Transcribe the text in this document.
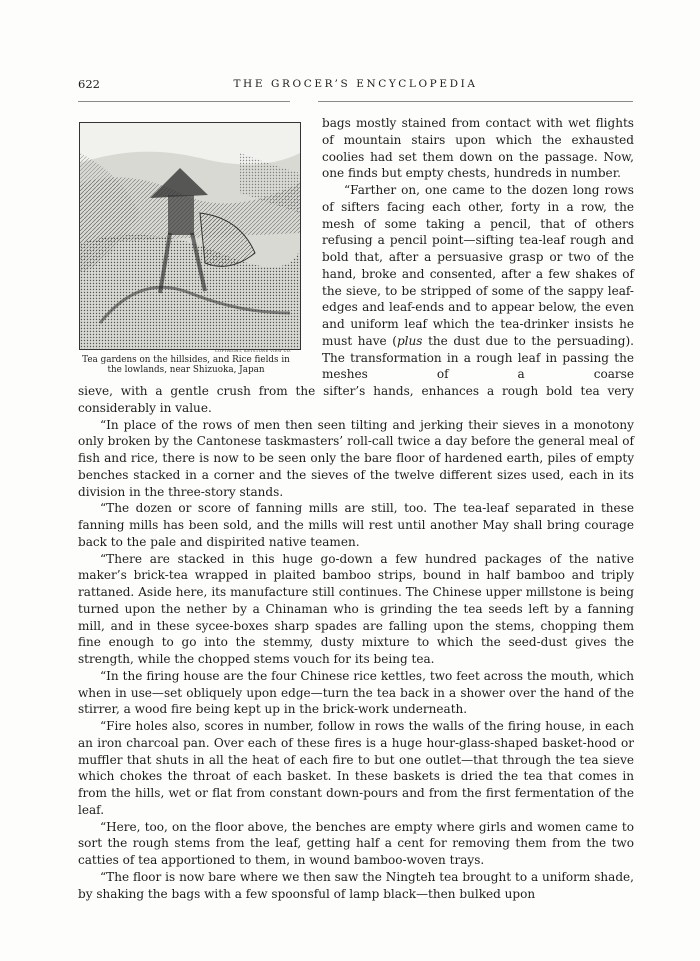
622	THE GROCER’S ENCYCLOPEDIA
COPYRIGHT, KEYSTONE VIEW CO.
Tea gardens on the hillsides, and Rice fields in the lowlands, near Shizuoka, Japan

bags mostly stained from contact with wet flights of mountain stairs upon which the exhausted coolies had set them down on the passage. Now, one finds but empty chests, hundreds in number.

“Farther on, one came to the dozen long rows of sifters facing each other, forty in a row, the mesh of some taking a pencil, that of others refusing a pencil point—sifting tea-leaf rough and bold that, after a persuasive grasp or two of the hand, broke and consented, after a few shakes of the sieve, to be stripped of some of the sappy leaf-edges and leaf-ends and to appear below, the even and uniform leaf which the tea-drinker insists he must have (plus the dust due to the persuading). The transformation in a rough leaf in passing the meshes of a coarse

sieve, with a gentle crush from the sifter’s hands, enhances a rough bold tea very considerably in value.

“In place of the rows of men then seen tilting and jerking their sieves in a monotony only broken by the Cantonese taskmasters’ roll-call twice a day before the general meal of fish and rice, there is now to be seen only the bare floor of hardened earth, piles of empty benches stacked in a corner and the sieves of the twelve different sizes used, each in its division in the three-story stands.

“The dozen or score of fanning mills are still, too. The tea-leaf separated in these fanning mills has been sold, and the mills will rest until another May shall bring courage back to the pale and dispirited native teamen.

“There are stacked in this huge go-down a few hundred packages of the native maker’s brick-tea wrapped in plaited bamboo strips, bound in half bamboo and triply rattaned. Aside here, its manufacture still continues. The Chinese upper millstone is being turned upon the nether by a Chinaman who is grinding the tea seeds left by a fanning mill, and in these sycee-boxes sharp spades are falling upon the stems, chopping them fine enough to go into the stemmy, dusty mixture to which the seed-dust gives the strength, while the chopped stems vouch for its being tea.

“In the firing house are the four Chinese rice kettles, two feet across the mouth, which when in use—set obliquely upon edge—turn the tea back in a shower over the hand of the stirrer, a wood fire being kept up in the brick-work underneath.

“Fire holes also, scores in number, follow in rows the walls of the firing house, in each an iron charcoal pan. Over each of these fires is a huge hour-glass-shaped basket-hood or muffler that shuts in all the heat of each fire to but one outlet—that through the tea sieve which chokes the throat of each basket. In these baskets is dried the tea that comes in from the hills, wet or flat from constant down-pours and from the first fermentation of the leaf.

“Here, too, on the floor above, the benches are empty where girls and women came to sort the rough stems from the leaf, getting half a cent for removing them from the two catties of tea apportioned to them, in wound bamboo-woven trays.

“The floor is now bare where we then saw the Ningteh tea brought to a uniform shade, by shaking the bags with a few spoonsful of lamp black—then bulked upon
